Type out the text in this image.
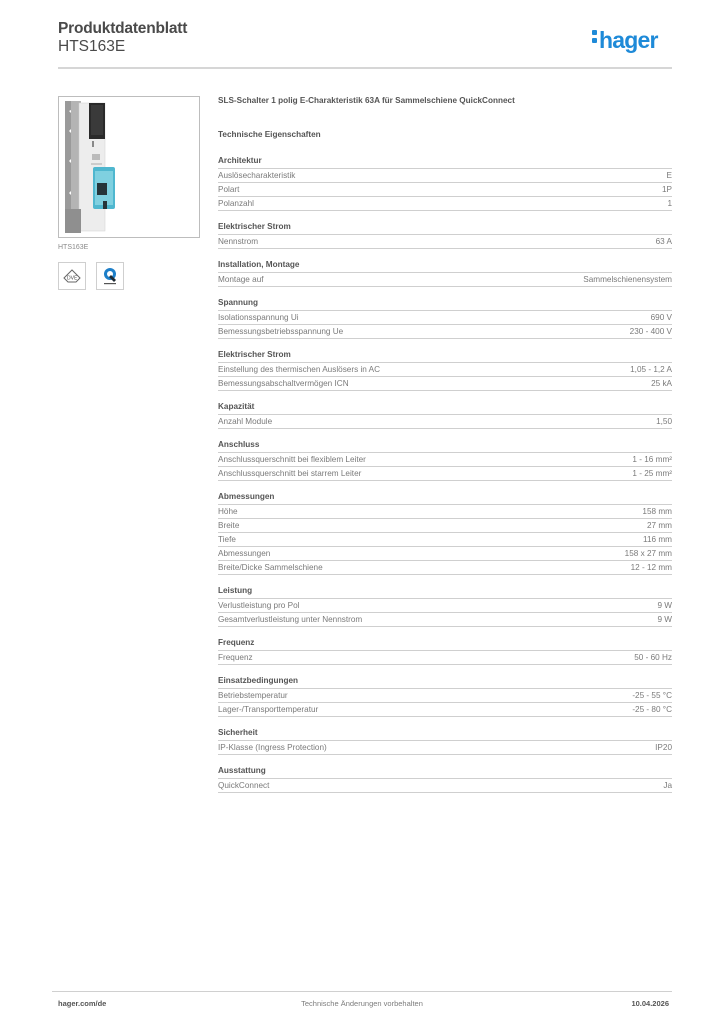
Produktdatenblatt
HTS163E	hager
HTS163E
DVE
SLS-Schalter 1 polig E-Charakteristik 63A für Sammelschiene QuickConnect
Technische Eigenschaften
Architektur
Auslösecharakteristik	E
Polart	1P
Polanzahl	1
Elektrischer Strom
Nennstrom	63 A
Installation, Montage
Montage auf	Sammelschienensystem
Spannung
Isolationsspannung Ui	690 V
Bemessungsbetriebsspannung Ue	230 - 400 V
Elektrischer Strom
Einstellung des thermischen Auslösers in AC	1,05 - 1,2 A
Bemessungsabschaltvermögen ICN	25 kA
Kapazität
Anzahl Module	1,50
Anschluss
Anschlussquerschnitt bei flexiblem Leiter	1 - 16 mm²
Anschlussquerschnitt bei starrem Leiter	1 - 25 mm²
Abmessungen
Höhe	158 mm
Breite	27 mm
Tiefe	116 mm
Abmessungen	158 x 27 mm
Breite/Dicke Sammelschiene	12 - 12 mm
Leistung
Verlustleistung pro Pol	9 W
Gesamtverlustleistung unter Nennstrom	9 W
Frequenz
Frequenz	50 - 60 Hz
Einsatzbedingungen
Betriebstemperatur	-25 - 55 °C
Lager-/Transporttemperatur	-25 - 80 °C
Sicherheit
IP-Klasse (Ingress Protection)	IP20
Ausstattung
QuickConnect	Ja
hager.com/de	Technische Änderungen vorbehalten	10.04.2026
